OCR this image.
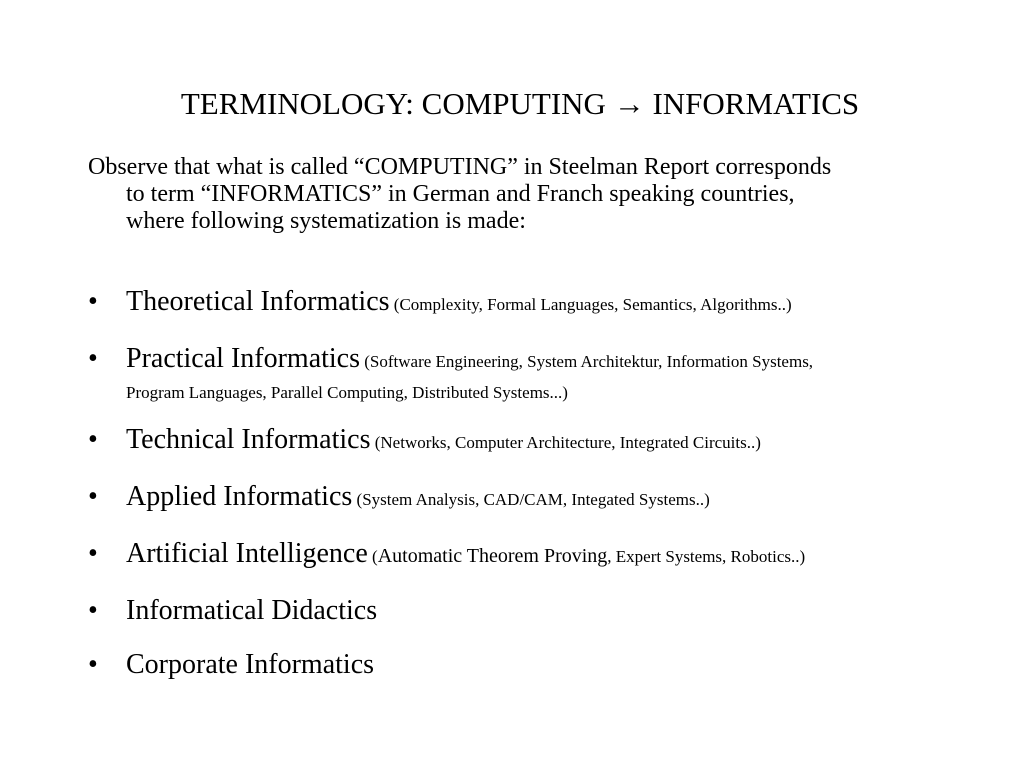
TERMINOLOGY: COMPUTING → INFORMATICS
Observe that what is called “COMPUTING” in Steelman Report corresponds
to term “INFORMATICS” in German and Franch speaking countries,
where following systematization is made:
• Theoretical Informatics (Complexity, Formal Languages, Semantics, Algorithms..)
• Practical Informatics (Software Engineering, System Architektur, Information Systems,
Program Languages, Parallel Computing, Distributed Systems...)
• Technical Informatics (Networks, Computer Architecture, Integrated Circuits..)
• Applied Informatics (System Analysis, CAD/CAM, Integated Systems..)
• Artificial Intelligence (Automatic Theorem Proving, Expert Systems, Robotics..)
• Informatical Didactics
• Corporate Informatics
